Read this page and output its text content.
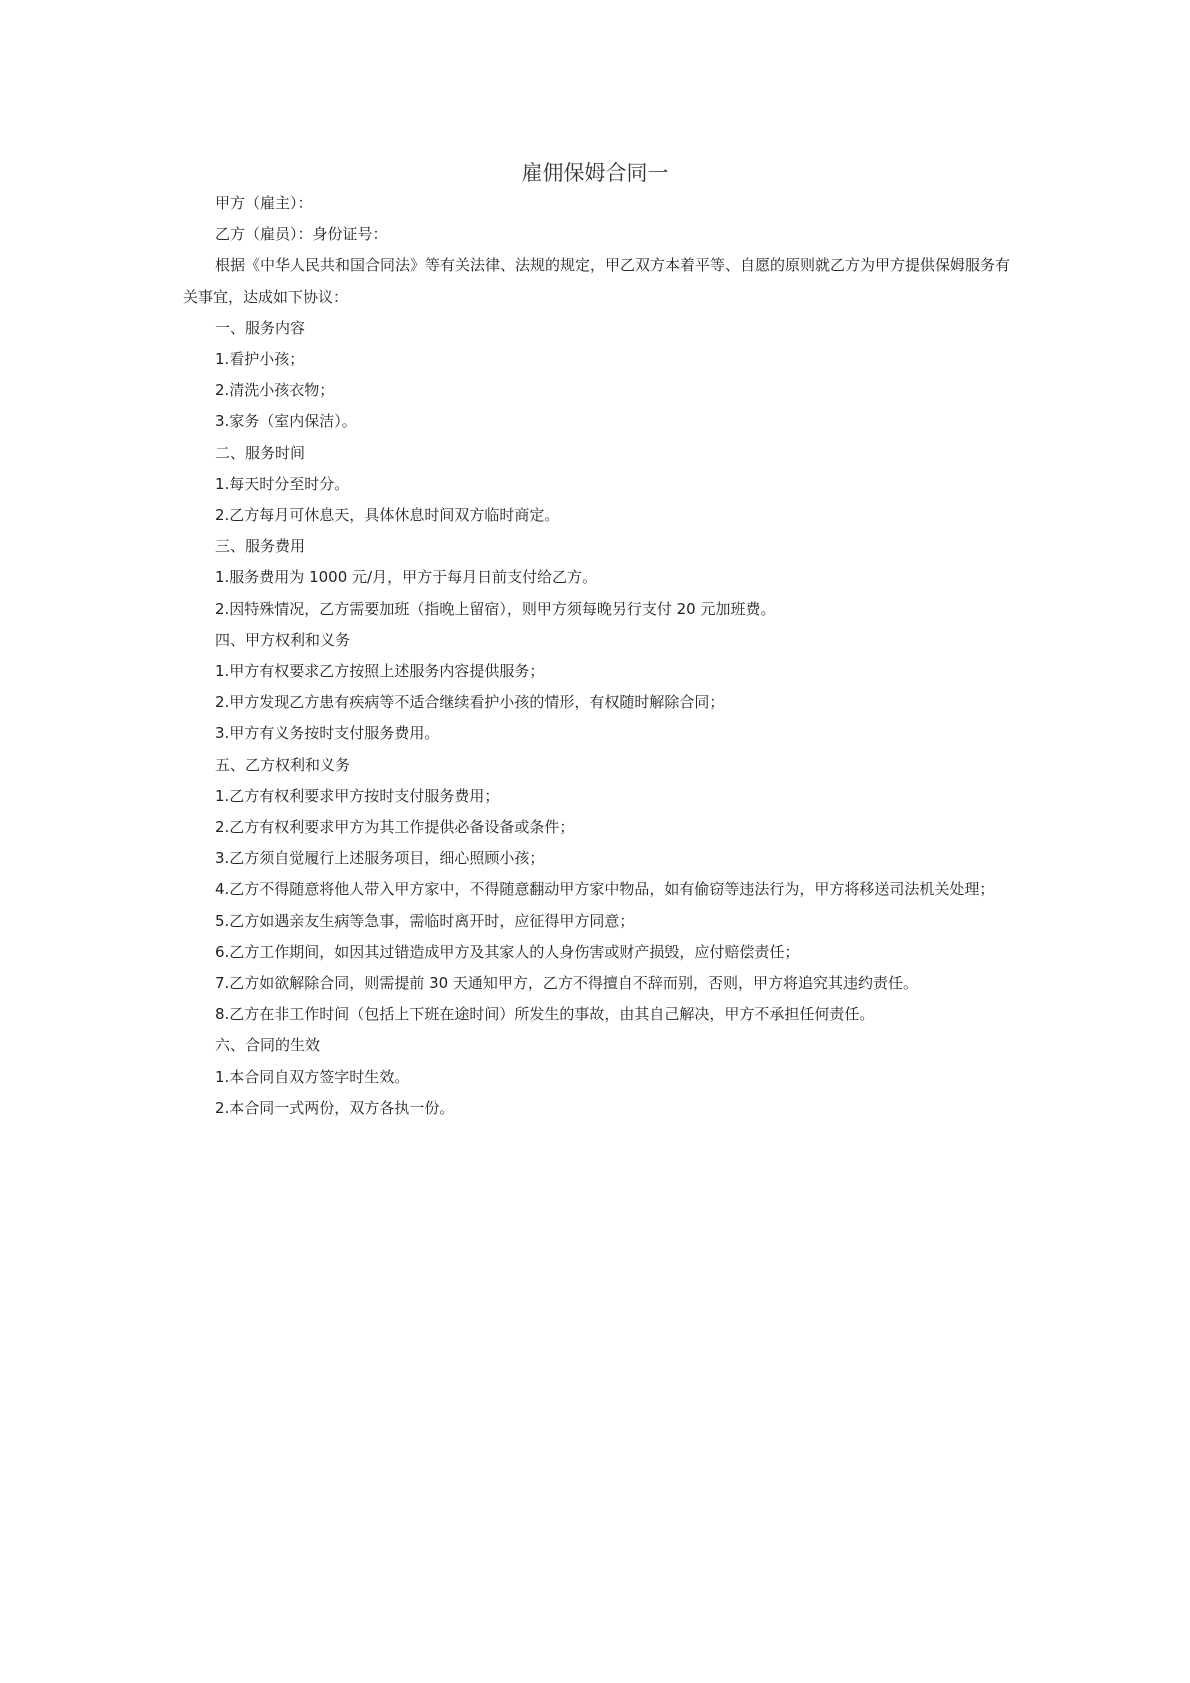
雇佣保姆合同一

甲方（雇主）：

乙方（雇员）：身份证号：

根据《中华人民共和国合同法》等有关法律、法规的规定，甲乙双方本着平等、自愿的原则就乙方为甲方提供保姆服务有关事宜，达成如下协议：

一、服务内容

1.看护小孩；

2.清洗小孩衣物；

3.家务（室内保洁）。

二、服务时间

1.每天时分至时分。

2.乙方每月可休息天，具体休息时间双方临时商定。

三、服务费用

1.服务费用为 1000 元/月，甲方于每月日前支付给乙方。

2.因特殊情况，乙方需要加班（指晚上留宿），则甲方须每晚另行支付 20 元加班费。

四、甲方权利和义务

1.甲方有权要求乙方按照上述服务内容提供服务；

2.甲方发现乙方患有疾病等不适合继续看护小孩的情形，有权随时解除合同；

3.甲方有义务按时支付服务费用。

五、乙方权利和义务

1.乙方有权利要求甲方按时支付服务费用；

2.乙方有权利要求甲方为其工作提供必备设备或条件；

3.乙方须自觉履行上述服务项目，细心照顾小孩；

4.乙方不得随意将他人带入甲方家中，不得随意翻动甲方家中物品，如有偷窃等违法行为，甲方将移送司法机关处理；

5.乙方如遇亲友生病等急事，需临时离开时，应征得甲方同意；

6.乙方工作期间，如因其过错造成甲方及其家人的人身伤害或财产损毁，应付赔偿责任；

7.乙方如欲解除合同，则需提前 30 天通知甲方，乙方不得擅自不辞而别，否则，甲方将追究其违约责任。

8.乙方在非工作时间（包括上下班在途时间）所发生的事故，由其自己解决，甲方不承担任何责任。

六、合同的生效

1.本合同自双方签字时生效。

2.本合同一式两份，双方各执一份。
